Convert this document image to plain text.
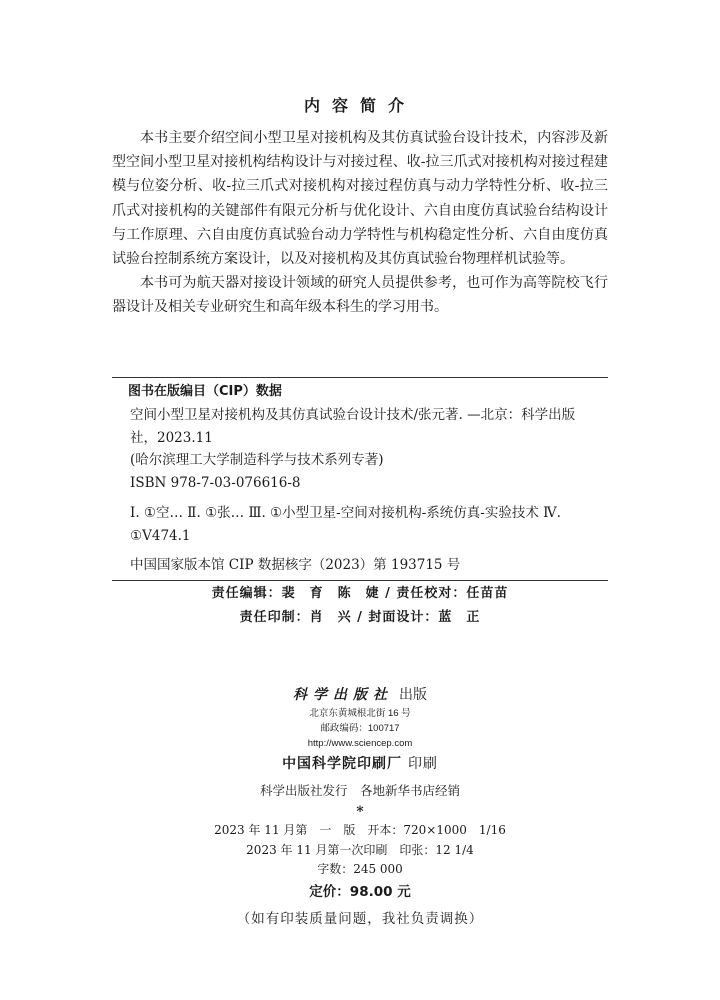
内容简介

本书主要介绍空间小型卫星对接机构及其仿真试验台设计技术，内容涉及新型空间小型卫星对接机构结构设计与对接过程、收-拉三爪式对接机构对接过程建模与位姿分析、收-拉三爪式对接机构对接过程仿真与动力学特性分析、收-拉三爪式对接机构的关键部件有限元分析与优化设计、六自由度仿真试验台结构设计与工作原理、六自由度仿真试验台动力学特性与机构稳定性分析、六自由度仿真试验台控制系统方案设计，以及对接机构及其仿真试验台物理样机试验等。

本书可为航天器对接设计领域的研究人员提供参考，也可作为高等院校飞行器设计及相关专业研究生和高年级本科生的学习用书。

图书在版编目（CIP）数据

空间小型卫星对接机构及其仿真试验台设计技术/张元著. —北京：科学出版社，2023.11

(哈尔滨理工大学制造科学与技术系列专著)

ISBN 978-7-03-076616-8

Ⅰ. ①空… Ⅱ. ①张… Ⅲ. ①小型卫星-空间对接机构-系统仿真-实验技术 Ⅳ. ①V474.1

中国国家版本馆 CIP 数据核字（2023）第 193715 号

责任编辑：裴　育　陈　婕 / 责任校对：任苗苗
责任印制：肖　兴 / 封面设计：蓝　正
科学出版社 出版
北京东黄城根北街 16 号
邮政编码：100717
http://www.sciencep.com
中国科学院印刷厂 印刷
科学出版社发行　各地新华书店经销
*
2023 年 11 月第　一　版　开本：720×1000　1/16
2023 年 11 月第一次印刷　印张：12 1/4
字数：245 000
定价：98.00 元
（如有印装质量问题，我社负责调换）
